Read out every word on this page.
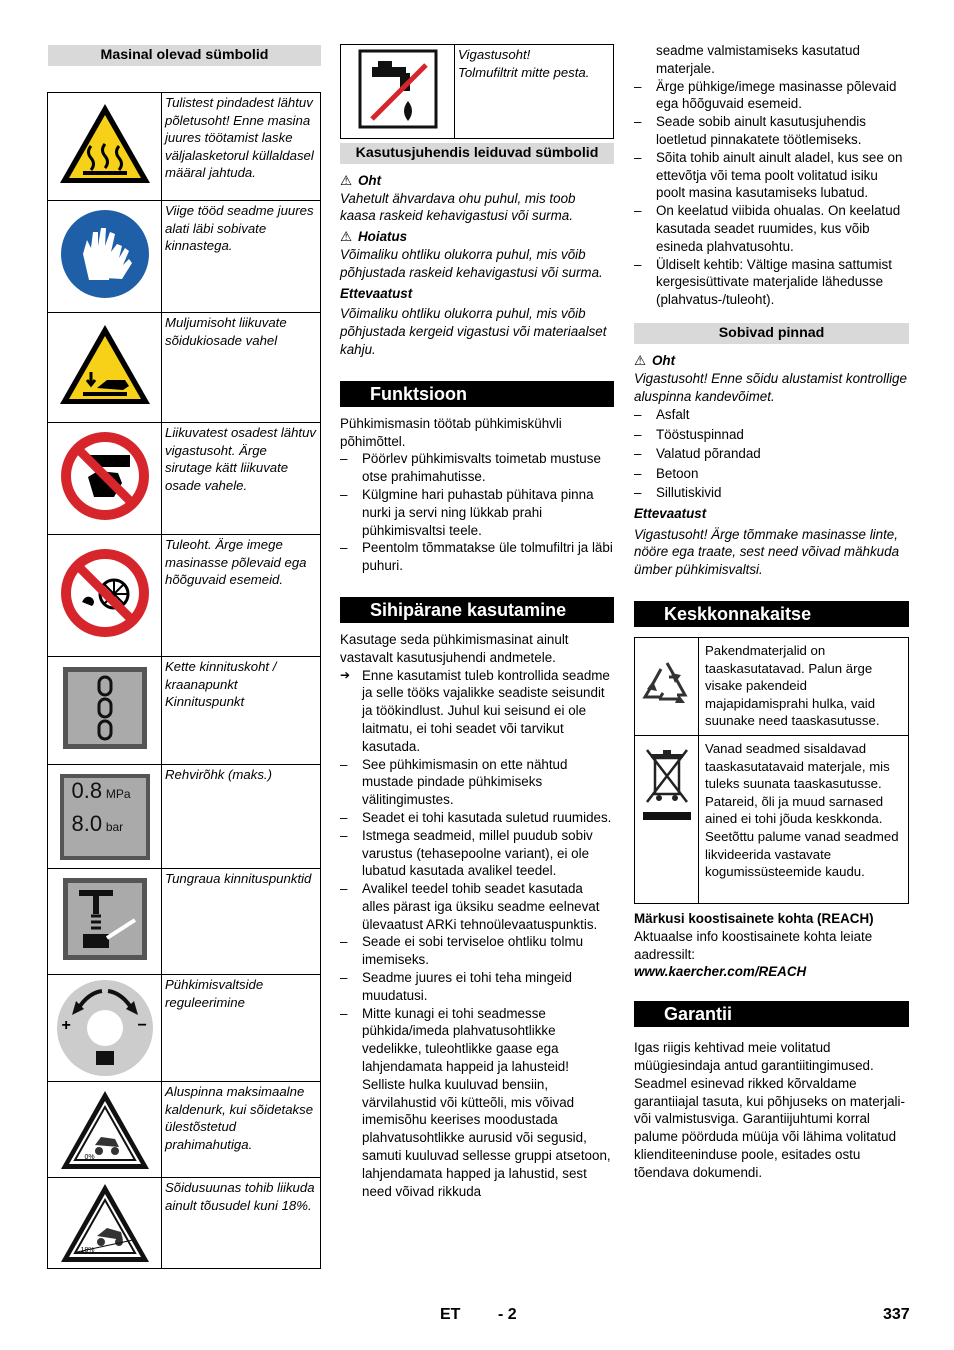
Masinal olevad sümbolid
	Tulistest pindadest lähtuv põletusoht! Enne masina juures töötamist laske väljalasketorul küllaldasel määral jahtuda.
	Viige tööd seadme juures alati läbi sobivate kinnastega.
	Muljumisoht liikuvate sõidukiosade vahel
	Liikuvatest osadest lähtuv vigastusoht. Ärge sirutage kätt liikuvate osade vahele.
	Tuleoht. Ärge imege masinasse põlevaid ega hõõguvaid esemeid.
	Kette kinnituskoht / kraanapunkt Kinnituspunkt

0.8 MPa
8.0 bar	Rehvirõhk (maks.)
	Tungraua kinnituspunktid

+ −	Pühkimisvaltside reguleerimine

0%	Aluspinna maksimaalne kaldenurk, kui sõidetakse ülestõstetud prahimahutiga.

18%	Sõidusuunas tohib liikuda ainult tõusudel kuni 18%.

Vigastusoht!
Tolmufiltrit mitte pesta.
Kasutusjuhendis leiduvad sümbolid
⚠ Oht

Vahetult ähvardava ohu puhul, mis toob kaasa raskeid kehavigastusi või surma.

⚠ Hoiatus

Võimaliku ohtliku olukorra puhul, mis võib põhjustada raskeid kehavigastusi või surma.

Ettevaatust

Võimaliku ohtliku olukorra puhul, mis võib põhjustada kergeid vigastusi või materiaalset kahju.

Funktsioon

Pühkimismasin töötab pühkimiskühvli põhimõttel.

– Pöörlev pühkimisvalts toimetab mustuse otse prahimahutisse.
– Külgmine hari puhastab pühitava pinna nurki ja servi ning lükkab prahi pühkimisvaltsi teele.
– Peentolm tõmmatakse üle tolmufiltri ja läbi puhuri.
Sihipärane kasutamine

Kasutage seda pühkimismasinat ainult vastavalt kasutusjuhendi andmetele.

➔ Enne kasutamist tuleb kontrollida seadme ja selle tööks vajalikke seadiste seisundit ja töökindlust. Juhul kui seisund ei ole laitmatu, ei tohi seadet või tarvikut kasutada.
– See pühkimismasin on ette nähtud mustade pindade pühkimiseks välitingimustes.
– Seadet ei tohi kasutada suletud ruumides.
– Istmega seadmeid, millel puudub sobiv varustus (tehasepoolne variant), ei ole lubatud kasutada avalikel teedel.
– Avalikel teedel tohib seadet kasutada alles pärast iga üksiku seadme eelnevat ülevaatust ARKi tehnoülevaatuspunktis.
– Seade ei sobi terviseloe ohtliku tolmu imemiseks.
– Seadme juures ei tohi teha mingeid muudatusi.
– Mitte kunagi ei tohi seadmesse pühkida/imeda plahvatusohtlikke vedelikke, tuleohtlikke gaase ega lahjendamata happeid ja lahusteid! Selliste hulka kuuluvad bensiin, värvilahustid või kütteõli, mis võivad imemisõhu keerises moodustada plahvatusohtlikke aurusid või segusid, samuti kuuluvad sellesse gruppi atsetoon, lahjendamata happed ja lahustid, sest need võivad rikkuda

seadme valmistamiseks kasutatud materjale.

– Ärge pühkige/imege masinasse põlevaid ega hõõguvaid esemeid.
– Seade sobib ainult kasutusjuhendis loetletud pinnakatete töötlemiseks.
– Sõita tohib ainult ainult aladel, kus see on ettevõtja või tema poolt volitatud isiku poolt masina kasutamiseks lubatud.
– On keelatud viibida ohualas. On keelatud kasutada seadet ruumides, kus võib esineda plahvatusohtu.
– Üldiselt kehtib: Vältige masina sattumist kergesisüttivate materjalide lähedusse (plahvatus-/tuleoht).
Sobivad pinnad
⚠ Oht

Vigastusoht! Enne sõidu alustamist kontrollige aluspinna kandevõimet.

– Asfalt
– Tööstuspinnad
– Valatud põrandad
– Betoon
– Sillutiskivid
Ettevaatust

Vigastusoht! Ärge tõmmake masinasse linte, nööre ega traate, sest need võivad mähkuda ümber pühkimisvaltsi.

Keskkonnakaitse
	Pakendmaterjalid on taaskasutatavad. Palun ärge visake pakendeid majapidamisprahi hulka, vaid suunake need taaskasutusse.
	Vanad seadmed sisaldavad taaskasutatavaid materjale, mis tuleks suunata taaskasutusse. Patareid, õli ja muud sarnased ained ei tohi jõuda keskkonda. Seetõttu palume vanad seadmed likvideerida vastavate kogumissüsteemide kaudu.

Märkusi koostisainete kohta (REACH)

Aktuaalse info koostisainete kohta leiate aadressilt:

www.kaercher.com/REACH

Garantii

Igas riigis kehtivad meie volitatud müügiesindaja antud garantiitingimused. Seadmel esinevad rikked kõrvaldame garantiiajal tasuta, kui põhjuseks on materjali- või valmistusviga. Garantiijuhtumi korral palume pöörduda müüja või lähima volitatud klienditeeninduse poole, esitades ostu tõendava dokumendi.

ET - 2	337
